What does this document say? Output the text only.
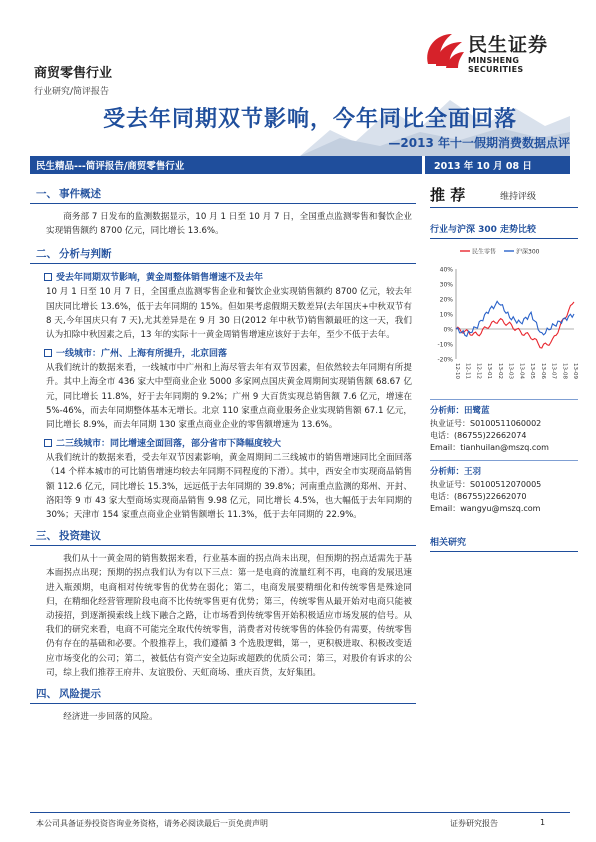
商贸零售行业
行业研究/简评报告
民生证券
MINSHENG SECURITIES
受去年同期双节影响，今年同比全面回落
—2013 年十一假期消费数据点评
民生精品---简评报告/商贸零售行业	2013 年 10 月 08 日
一、 事件概述

商务部 7 日发布的监测数据显示，10 月 1 日至 10 月 7 日，全国重点监测零售和餐饮企业实现销售额约 8700 亿元，同比增长 13.6%。

二、 分析与判断
受去年同期双节影响，黄金周整体销售增速不及去年

10 月 1 日至 10 月 7 日，全国重点监测零售企业和餐饮企业实现销售额约 8700 亿元，较去年国庆同比增长 13.6%，低于去年同期的 15%。但如果考虑假期天数差异(去年国庆+中秋双节有 8 天,今年国庆只有 7 天),尤其差异是在 9 月 30 日(2012 年中秋节)销售额最旺的这一天，我们认为扣除中秋因素之后，13 年的实际十一黄金周销售增速应该好于去年，至少不低于去年。

一线城市：广州、上海有所提升，北京回落

从我们统计的数据来看，一线城市中广州和上海尽管去年有双节因素，但依然较去年同期有所提升。其中上海全市 436 家大中型商业企业 5000 多家网点国庆黄金周期间实现销售额 68.67 亿元，同比增长 11.8%，好于去年同期的 9.2%；广州 9 大百货实现总销售额 7.6 亿元，增速在 5%-46%，而去年同期整体基本无增长。北京 110 家重点商业服务企业实现销售额 67.1 亿元，同比增长 8.9%，而去年同期 130 家重点商业企业的零售额增速为 13.6%。

二三线城市：同比增速全面回落，部分省市下降幅度较大

从我们统计的数据来看，受去年双节因素影响，黄金周期间二三线城市的销售增速同比全面回落（14 个样本城市的可比销售增速均较去年同期不同程度的下滑）。其中，西安全市实现商品销售额 112.6 亿元，同比增长 15.3%，远远低于去年同期的 39.8%；河南重点监测的郑州、开封、洛阳等 9 市 43 家大型商场实现商品销售 9.98 亿元，同比增长 4.5%，也大幅低于去年同期的 30%；天津市 154 家重点商业企业销售额增长 11.3%，低于去年同期的 22.9%。

三、 投资建议

我们从十一黄金周的销售数据来看，行业基本面的拐点尚未出现，但预期的拐点适需先于基本面拐点出现；预期的拐点我们认为有以下三点：第一是电商的流量红利不再，电商的发展迅速进入瓶颈期，电商相对传统零售的优势在弱化；第二，电商发展要精细化和传统零售是殊途同归，在精细化经营管理阶段电商不比传统零售更有优势；第三，传统零售从最开始对电商只能被动接招，到逐渐摸索线上线下融合之路，让市场看到传统零售开始积极适应市场发展的信号。从我们的研究来看，电商不可能完全取代传统零售，消费者对传统零售的体验仍有需要，传统零售仍有存在的基础和必要。个股推荐上，我们遵循 3 个选股逻辑，第一，更积极进取、积极改变适应市场变化的公司；第二，被低估有资产安全边际或超跌的优质公司；第三，对股价有诉求的公司，综上我们推荐王府井、友谊股份、天虹商场、重庆百货，友好集团。

四、 风险提示

经济进一步回落的风险。

推 荐	维持评级
行业与沪深 300 走势比较
40%
30%
20%
10%
0%
-10%
-20%
12-10 12-11 12-12 13-01 13-02 13-03 13-04 13-05 13-06 13-07 13-08 13-09
民生零售	沪深300
分析师：田鹭蓝
执业证号：S0100511060002
电话：(86755)22662074
Email：tianhuilan@mszq.com
分析师：王羽
执业证号：S0100512070005
电话：(86755)22662070
Email：wangyu@mszq.com
相关研究
本公司具备证券投资咨询业务资格，请务必阅读最后一页免责声明	证券研究报告	1
